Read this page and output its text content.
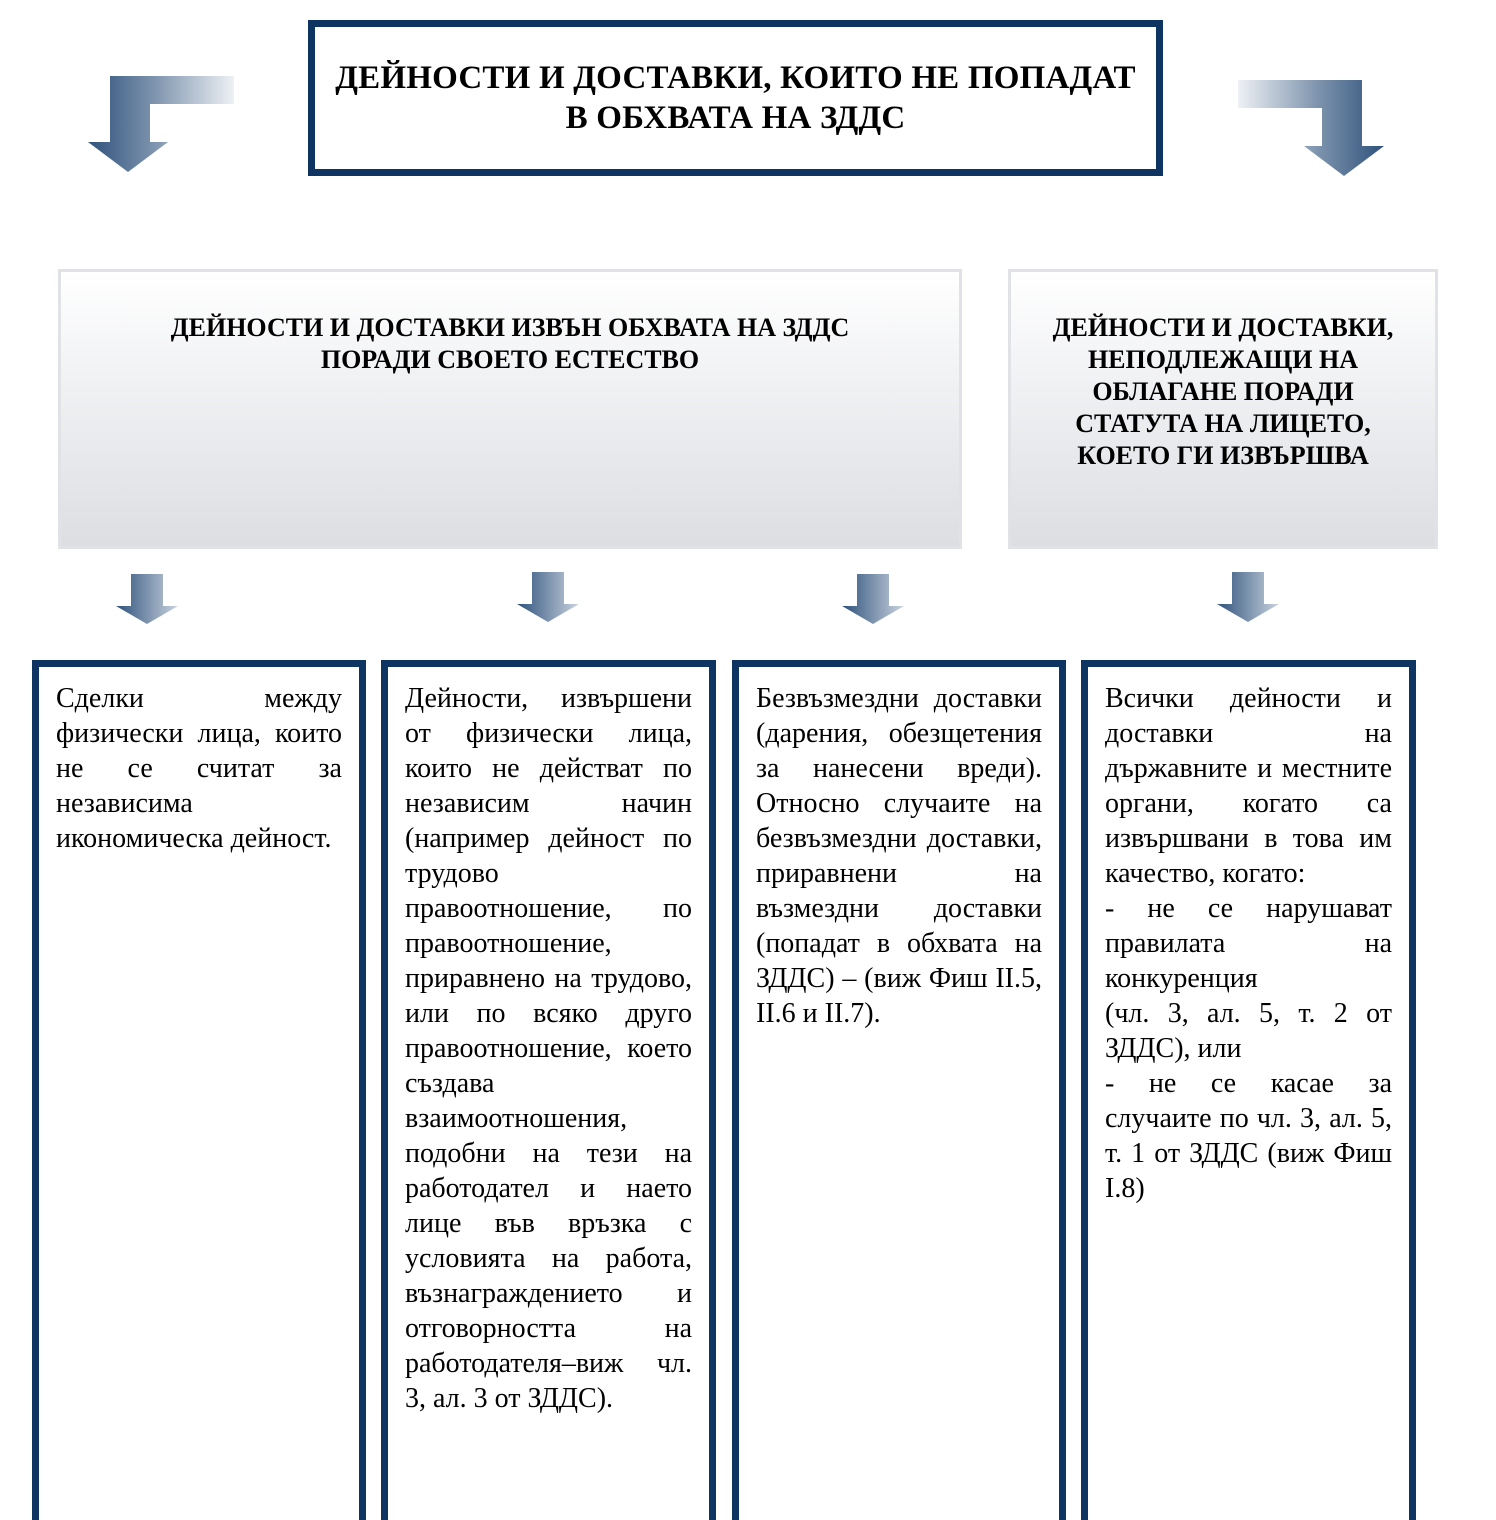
ДЕЙНОСТИ И ДОСТАВКИ, КОИТО НЕ ПОПАДАТ
В ОБХВАТА НА ЗДДС
ДЕЙНОСТИ И ДОСТАВКИ ИЗВЪН ОБХВАТА НА ЗДДС
ПОРАДИ СВОЕТО ЕСТЕСТВО
ДЕЙНОСТИ И ДОСТАВКИ, НЕПОДЛЕЖАЩИ НА ОБЛАГАНЕ ПОРАДИ СТАТУТА НА ЛИЦЕТО, КОЕТО ГИ ИЗВЪРШВА
Сделки между физически лица, които не се считат за независима икономическа дейност.
Дейности, извършени от физически лица, които не действат по независим начин (например дейност по трудово правоотношение, по правоотношение, приравнено на трудово, или по всяко друго правоотношение, което създава взаимоотношения, подобни на тези на работодател и наето лице във връзка с условията на работа, възнаграждението и отговорността на работодателя–виж чл. 3, ал. 3 от ЗДДС).
Безвъзмездни доставки (дарения, обезщетения за нанесени вреди). Относно случаите на безвъзмездни доставки, приравнени на възмездни доставки (попадат в обхвата на ЗДДС) – (виж Фиш II.5, II.6 и II.7).
Всички дейности и доставки на държавните и местните органи, когато са извършвани в това им качество, когато:
- не се нарушават правилата на конкуренция
(чл. 3, ал. 5, т. 2 от ЗДДС), или
- не се касае за случаите по чл. 3, ал. 5, т. 1 от ЗДДС (виж Фиш I.8)
